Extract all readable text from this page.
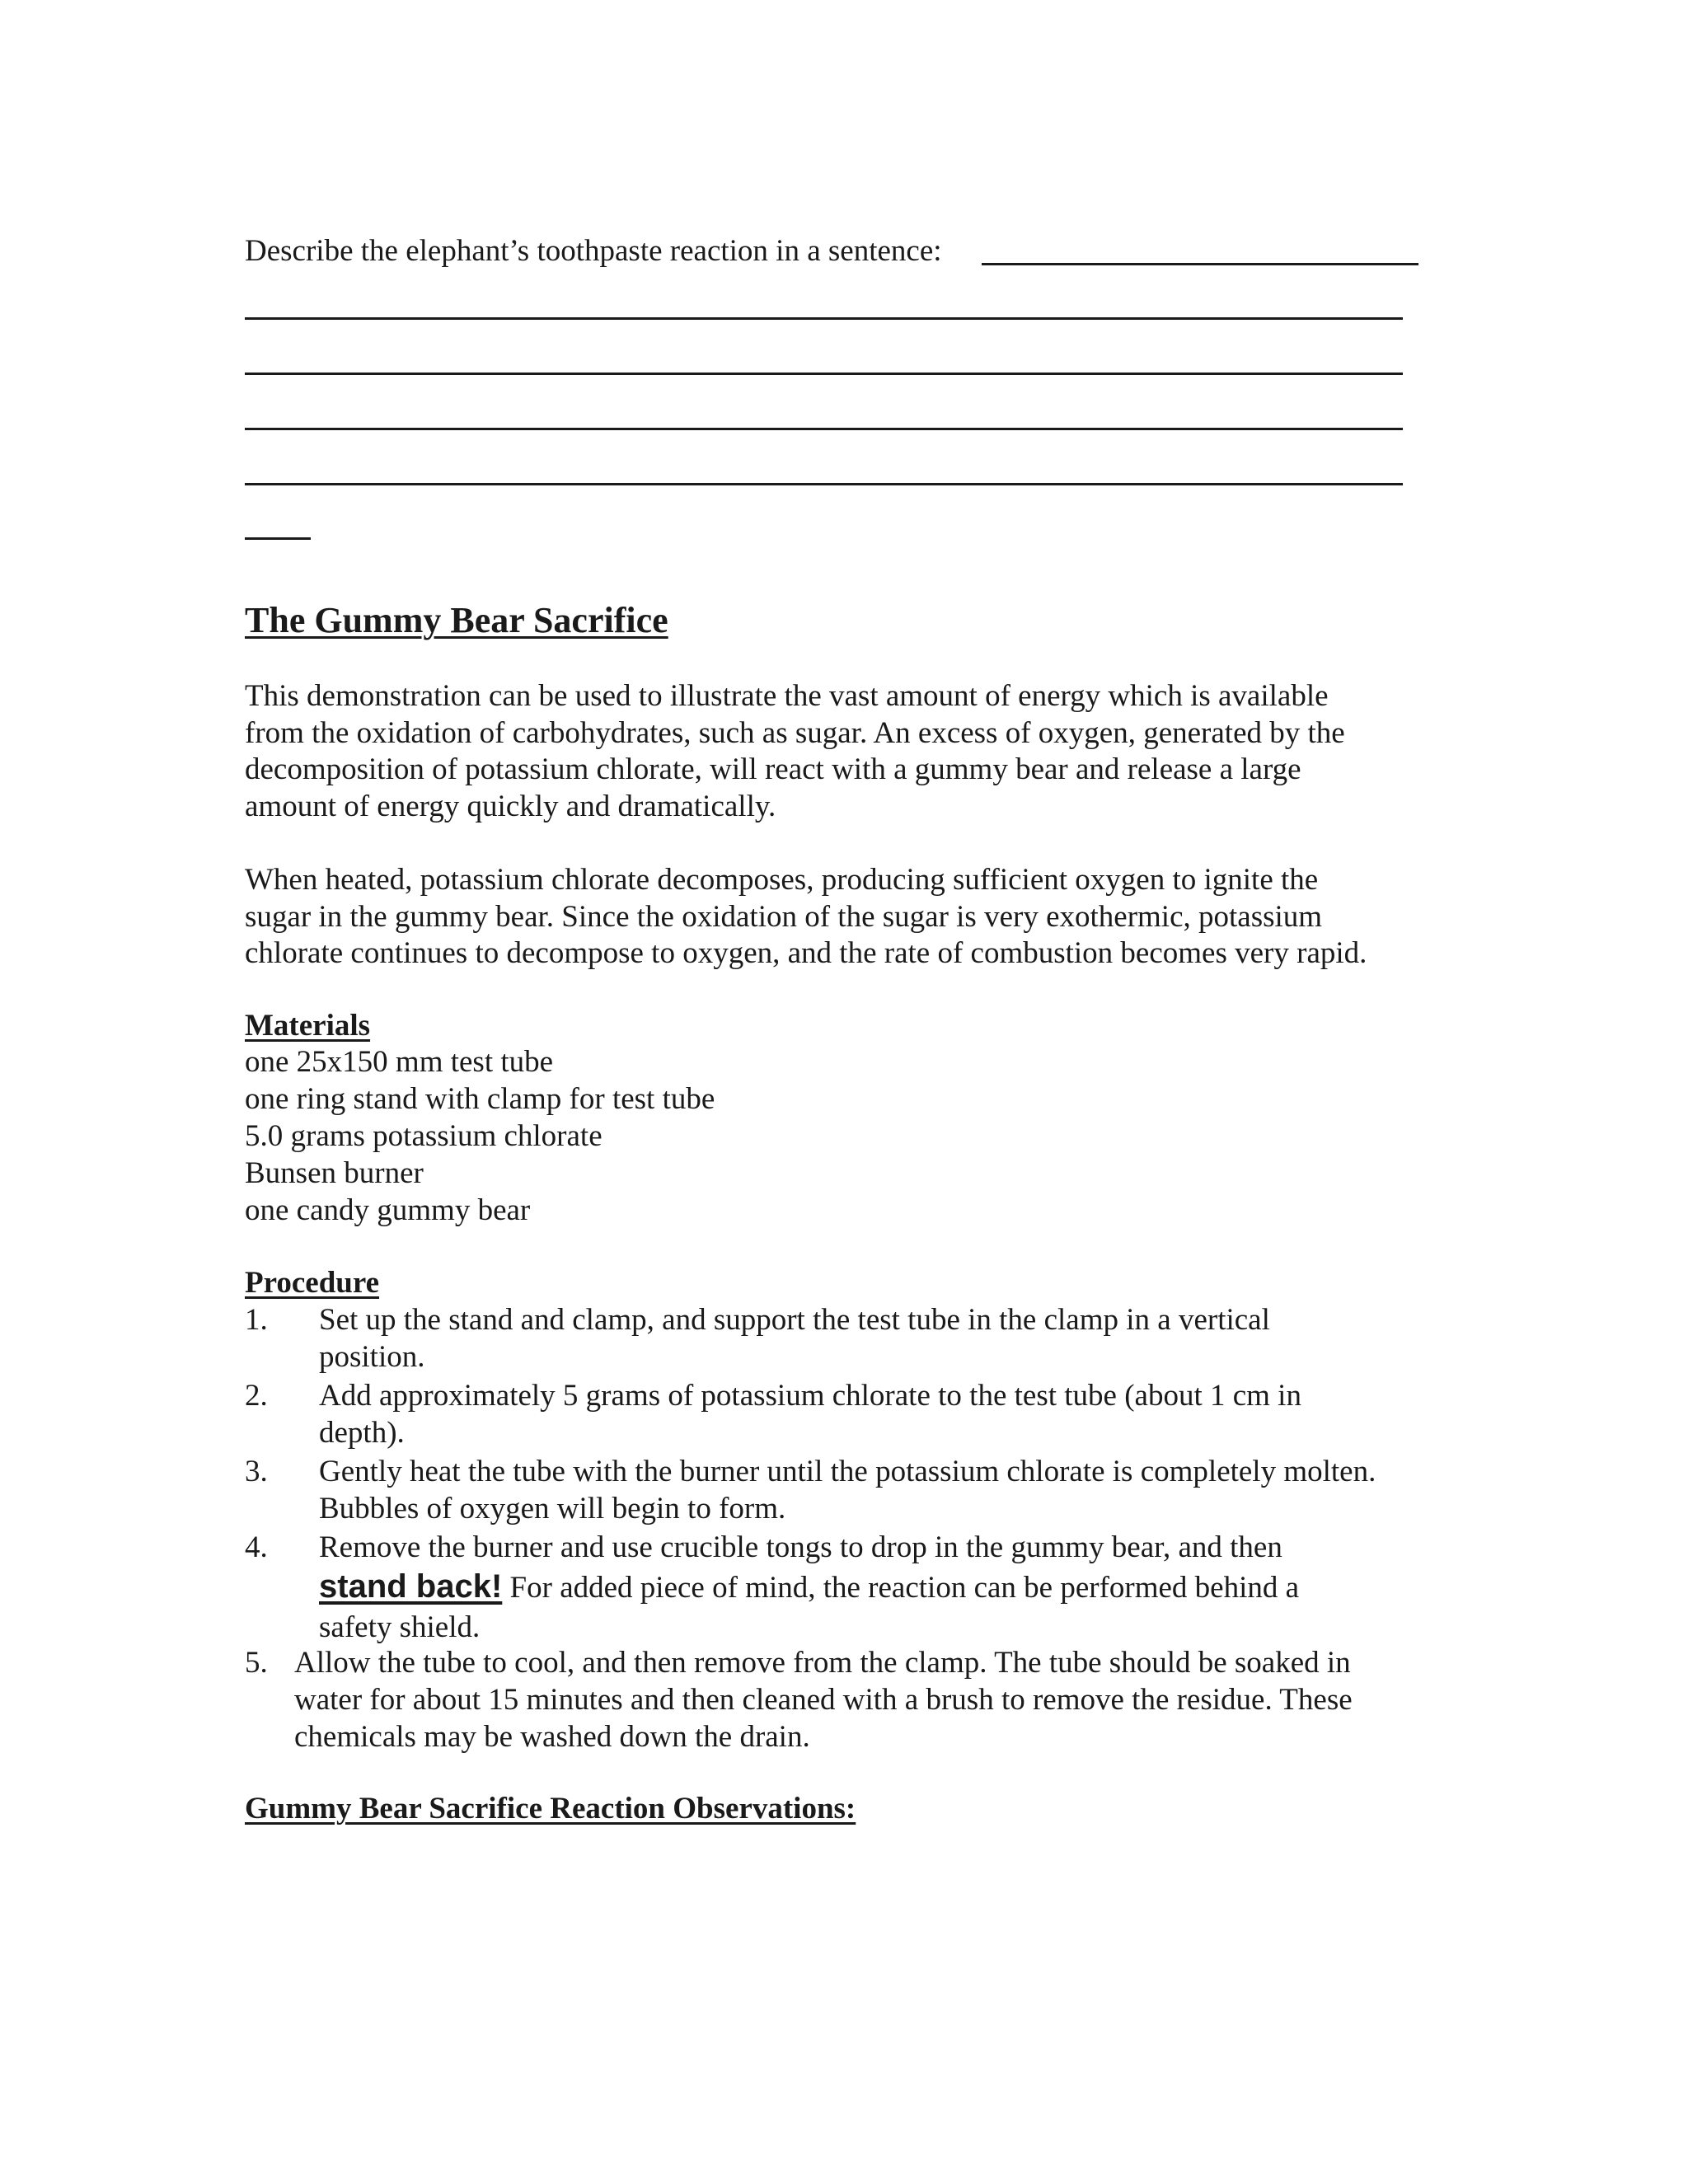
Describe the elephant’s toothpaste reaction in a sentence:
The Gummy Bear Sacrifice

This demonstration can be used to illustrate the vast amount of energy which is available

from the oxidation of carbohydrates, such as sugar. An excess of oxygen, generated by the

decomposition of potassium chlorate, will react with a gummy bear and release a large

amount of energy quickly and dramatically.

When heated, potassium chlorate decomposes, producing sufficient oxygen to ignite the

sugar in the gummy bear. Since the oxidation of the sugar is very exothermic, potassium

chlorate continues to decompose to oxygen, and the rate of combustion becomes very rapid.

Materials
one 25x150 mm test tube
one ring stand with clamp for test tube
5.0 grams potassium chlorate
Bunsen burner
one candy gummy bear
Procedure
1. Set up the stand and clamp, and support the test tube in the clamp in a vertical
position.
2. Add approximately 5 grams of potassium chlorate to the test tube (about 1 cm in
depth).
3. Gently heat the tube with the burner until the potassium chlorate is completely molten.
Bubbles of oxygen will begin to form.
4. Remove the burner and use crucible tongs to drop in the gummy bear, and then
stand back! For added piece of mind, the reaction can be performed behind a
safety shield.
5. Allow the tube to cool, and then remove from the clamp. The tube should be soaked in
water for about 15 minutes and then cleaned with a brush to remove the residue. These
chemicals may be washed down the drain.
Gummy Bear Sacrifice Reaction Observations:
